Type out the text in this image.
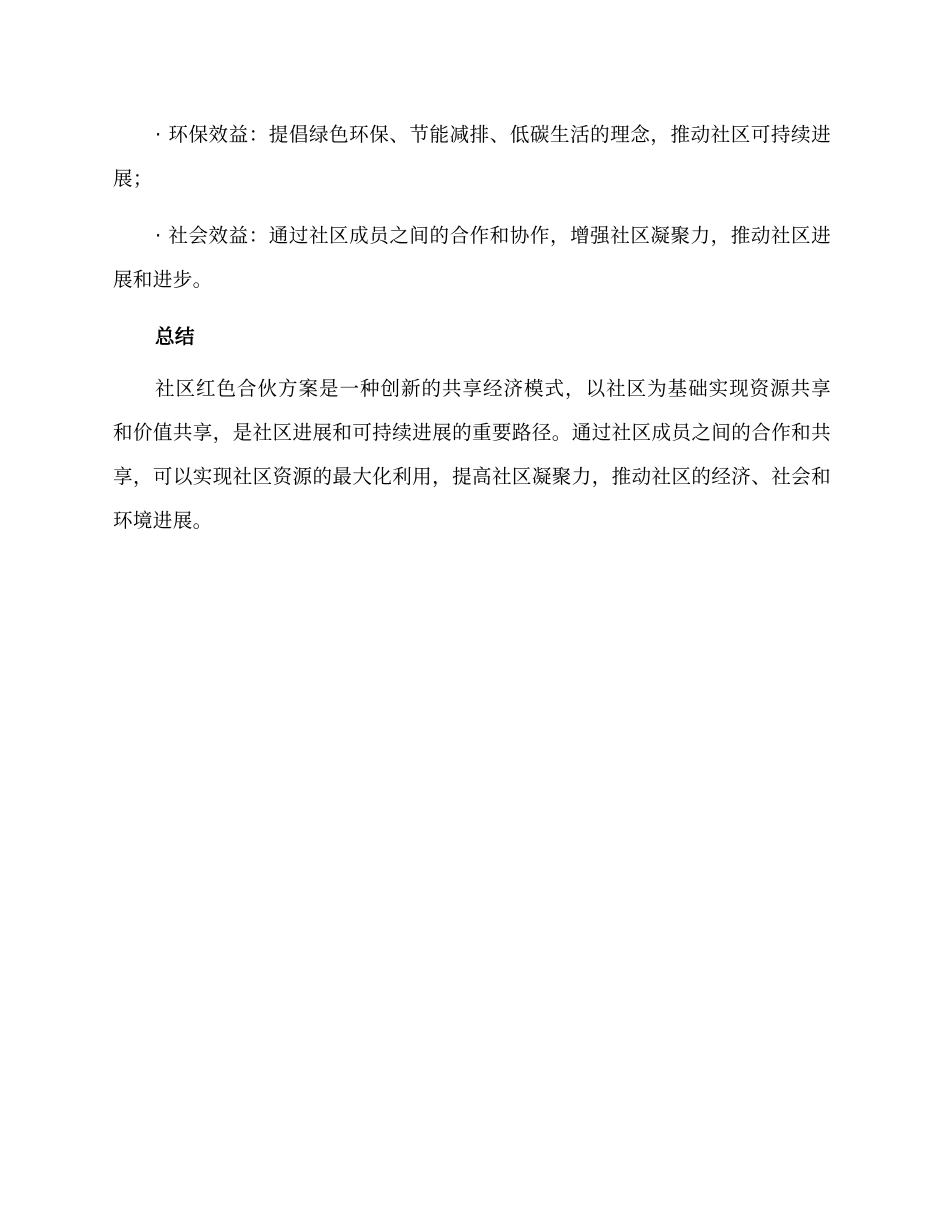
· 环保效益：提倡绿色环保、节能减排、低碳生活的理念，推动社区可持续进展；

· 社会效益：通过社区成员之间的合作和协作，增强社区凝聚力，推动社区进展和进步。

总结

社区红色合伙方案是一种创新的共享经济模式，以社区为基础实现资源共享和价值共享，是社区进展和可持续进展的重要路径。通过社区成员之间的合作和共享，可以实现社区资源的最大化利用，提高社区凝聚力，推动社区的经济、社会和环境进展。
